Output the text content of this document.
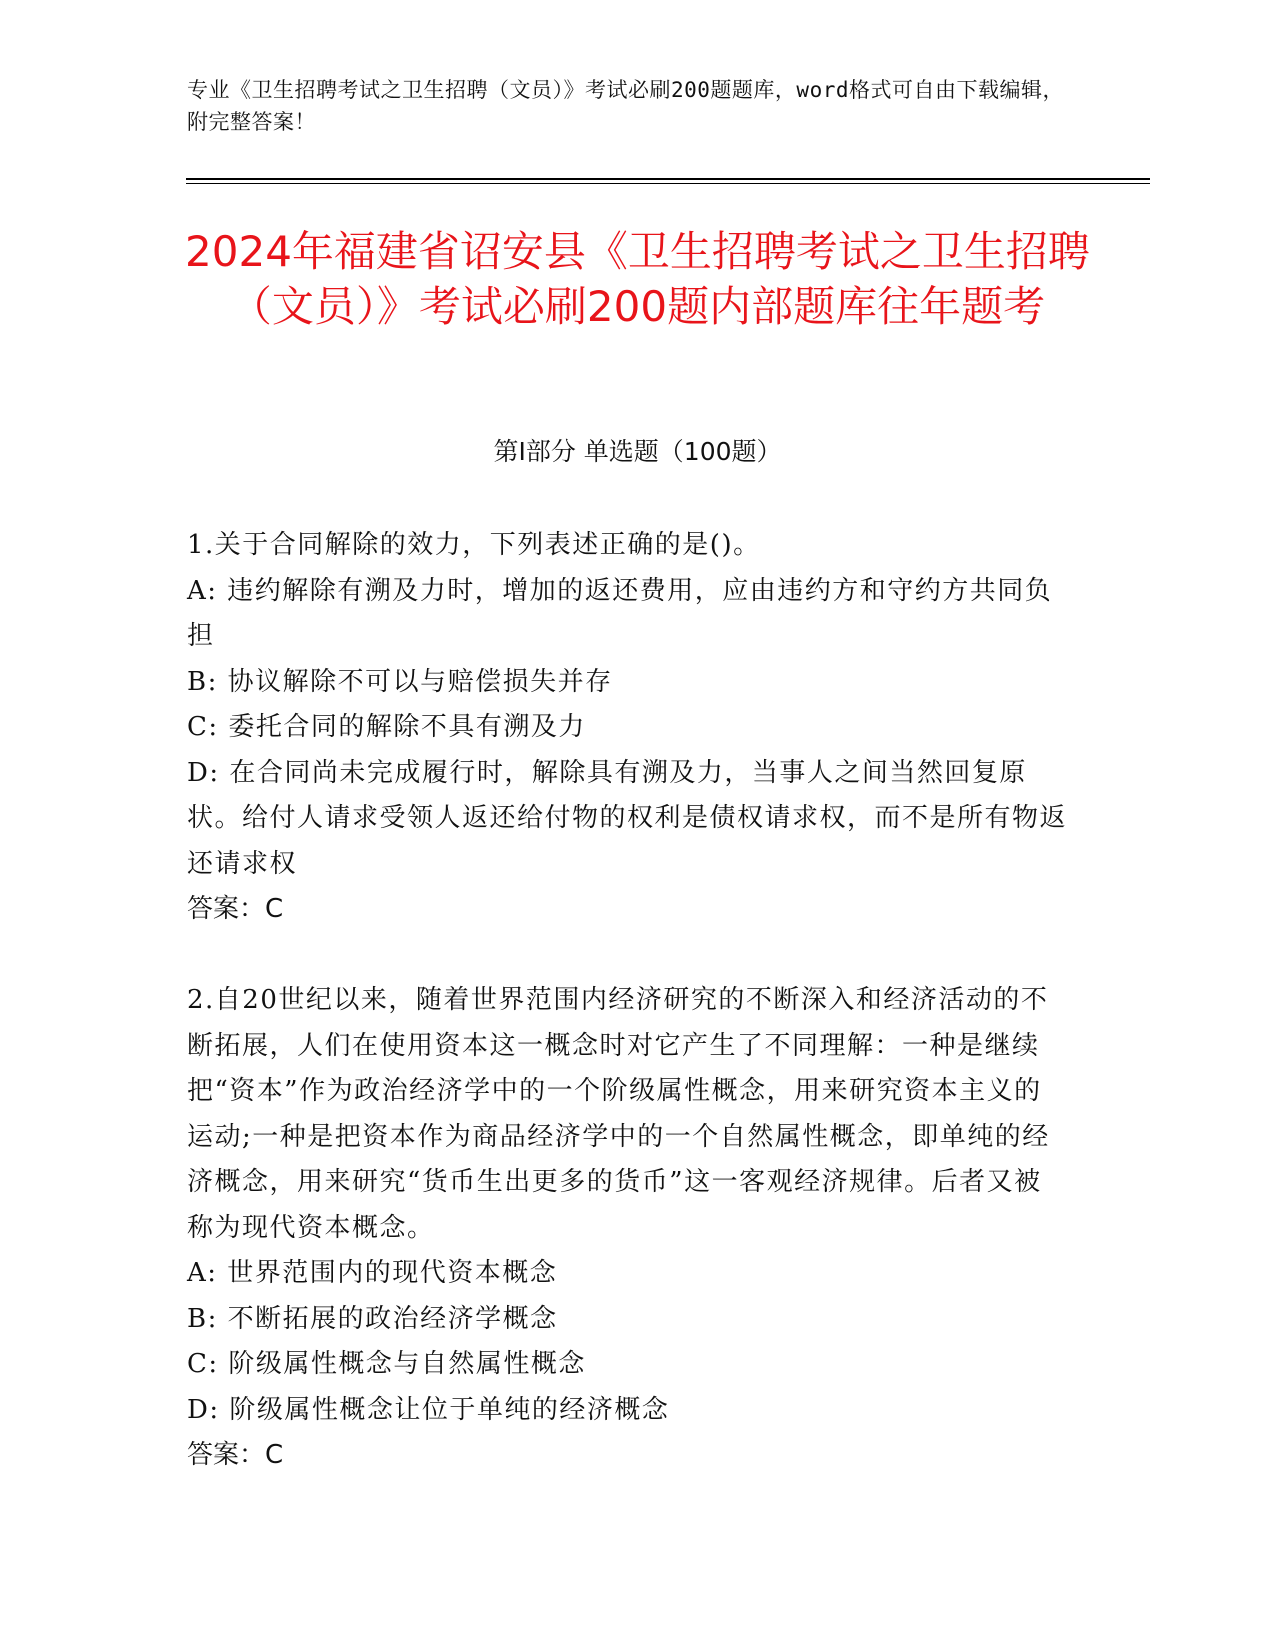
专业《卫生招聘考试之卫生招聘（文员）》考试必刷200题题库，word格式可自由下载编辑，附完整答案！
2024年福建省诏安县《卫生招聘考试之卫生招聘（文员）》考试必刷200题内部题库往年题考
第I部分 单选题（100题）
1.关于合同解除的效力，下列表述正确的是()。
A: 违约解除有溯及力时，增加的返还费用，应由违约方和守约方共同负担
B: 协议解除不可以与赔偿损失并存
C: 委托合同的解除不具有溯及力
D: 在合同尚未完成履行时，解除具有溯及力，当事人之间当然回复原状。给付人请求受领人返还给付物的权利是债权请求权，而不是所有物返还请求权
答案：C
2.自20世纪以来，随着世界范围内经济研究的不断深入和经济活动的不断拓展，人们在使用资本这一概念时对它产生了不同理解：一种是继续把“资本”作为政治经济学中的一个阶级属性概念，用来研究资本主义的运动;一种是把资本作为商品经济学中的一个自然属性概念，即单纯的经济概念，用来研究“货币生出更多的货币”这一客观经济规律。后者又被称为现代资本概念。
A: 世界范围内的现代资本概念
B: 不断拓展的政治经济学概念
C: 阶级属性概念与自然属性概念
D: 阶级属性概念让位于单纯的经济概念
答案：C
